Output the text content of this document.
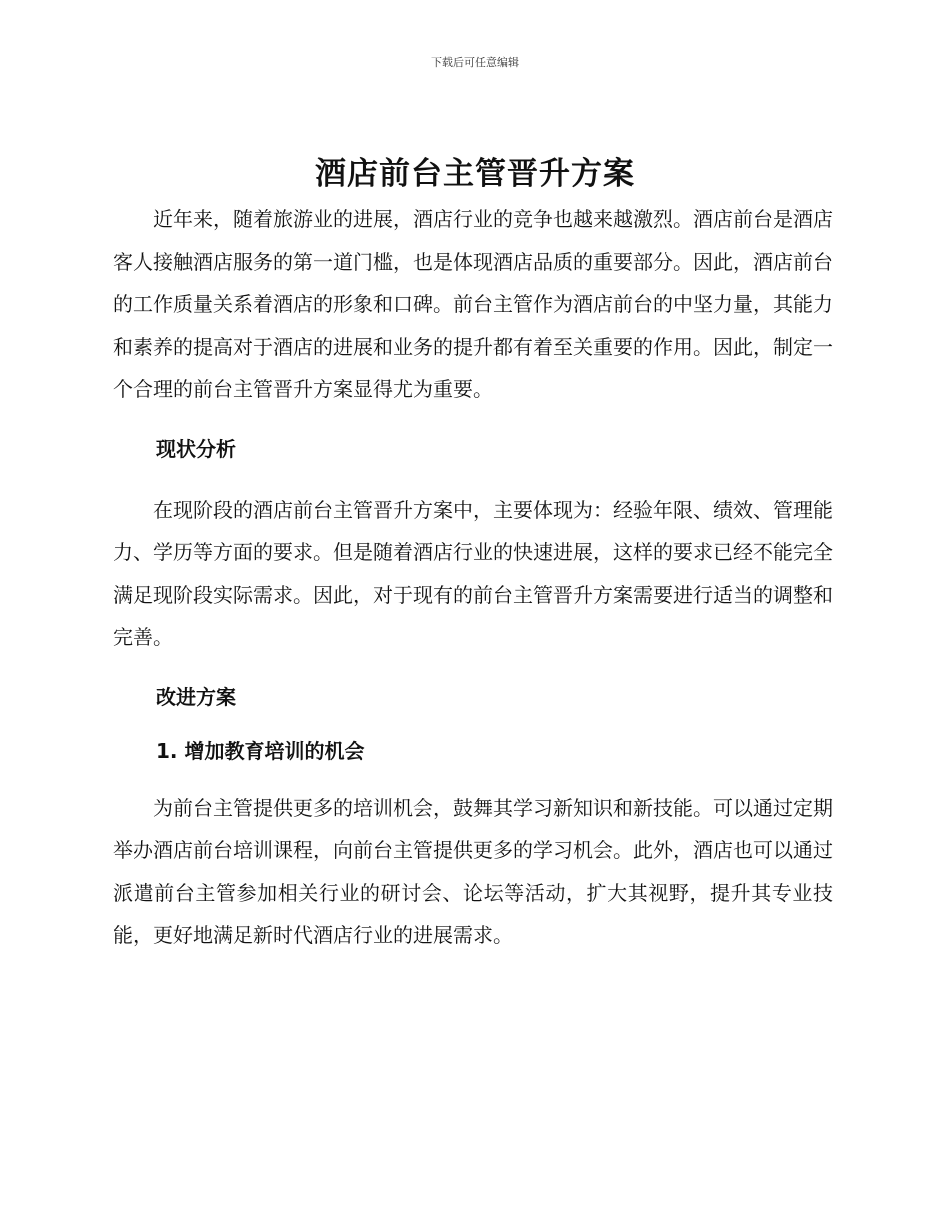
下载后可任意编辑
酒店前台主管晋升方案

近年来，随着旅游业的进展，酒店行业的竞争也越来越激烈。酒店前台是酒店客人接触酒店服务的第一道门槛，也是体现酒店品质的重要部分。因此，酒店前台的工作质量关系着酒店的形象和口碑。前台主管作为酒店前台的中坚力量，其能力和素养的提高对于酒店的进展和业务的提升都有着至关重要的作用。因此，制定一个合理的前台主管晋升方案显得尤为重要。

现状分析

在现阶段的酒店前台主管晋升方案中，主要体现为：经验年限、绩效、管理能力、学历等方面的要求。但是随着酒店行业的快速进展，这样的要求已经不能完全满足现阶段实际需求。因此，对于现有的前台主管晋升方案需要进行适当的调整和完善。

改进方案

1. 增加教育培训的机会

为前台主管提供更多的培训机会，鼓舞其学习新知识和新技能。可以通过定期举办酒店前台培训课程，向前台主管提供更多的学习机会。此外，酒店也可以通过派遣前台主管参加相关行业的研讨会、论坛等活动，扩大其视野，提升其专业技能，更好地满足新时代酒店行业的进展需求。
